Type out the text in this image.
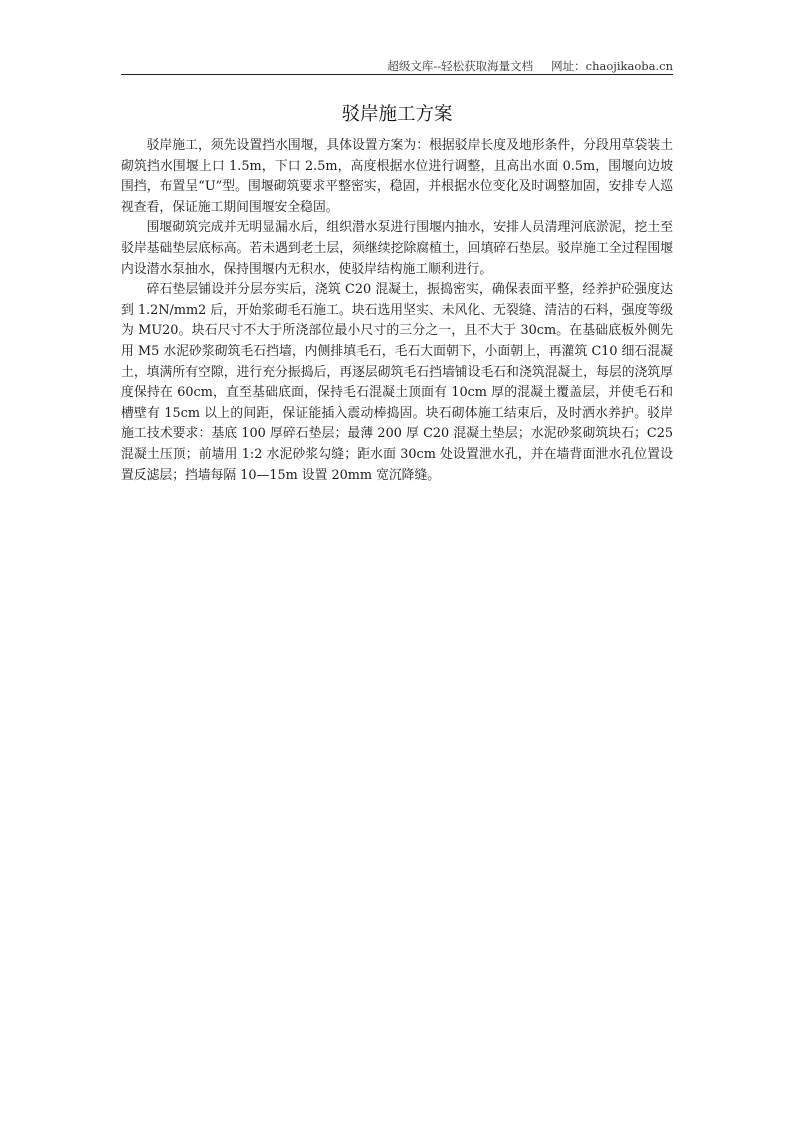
超级文库--轻松获取海量文档 网址：chaojikaoba.cn
驳岸施工方案

驳岸施工，须先设置挡水围堰，具体设置方案为：根据驳岸长度及地形条件，分段用草袋装土砌筑挡水围堰上口 1.5m，下口 2.5m，高度根据水位进行调整，且高出水面 0.5m，围堰向边坡围挡，布置呈“U”型。围堰砌筑要求平整密实，稳固，并根据水位变化及时调整加固，安排专人巡视查看，保证施工期间围堰安全稳固。

围堰砌筑完成并无明显漏水后，组织潜水泵进行围堰内抽水，安排人员清理河底淤泥，挖土至驳岸基础垫层底标高。若未遇到老土层，须继续挖除腐植土，回填碎石垫层。驳岸施工全过程围堰内设潜水泵抽水，保持围堰内无积水，使驳岸结构施工顺利进行。

碎石垫层铺设并分层夯实后，浇筑 C20 混凝土，振捣密实，确保表面平整，经养护砼强度达到 1.2N/mm2 后，开始浆砌毛石施工。块石选用坚实、未风化、无裂缝、清洁的石料，强度等级为 MU20。块石尺寸不大于所浇部位最小尺寸的三分之一，且不大于 30cm。在基础底板外侧先用 M5 水泥砂浆砌筑毛石挡墙，内侧排填毛石，毛石大面朝下，小面朝上，再灌筑 C10 细石混凝土，填满所有空隙，进行充分振捣后，再逐层砌筑毛石挡墙铺设毛石和浇筑混凝土，每层的浇筑厚度保持在 60cm，直至基础底面，保持毛石混凝土顶面有 10cm 厚的混凝土覆盖层，并使毛石和槽壁有 15cm 以上的间距，保证能插入震动棒捣固。块石砌体施工结束后，及时洒水养护。驳岸施工技术要求：基底 100 厚碎石垫层；最薄 200 厚 C20 混凝土垫层；水泥砂浆砌筑块石；C25 混凝土压顶；前墙用 1:2 水泥砂浆勾缝；距水面 30cm 处设置泄水孔，并在墙背面泄水孔位置设置反滤层；挡墙每隔 10—15m 设置 20mm 宽沉降缝。
